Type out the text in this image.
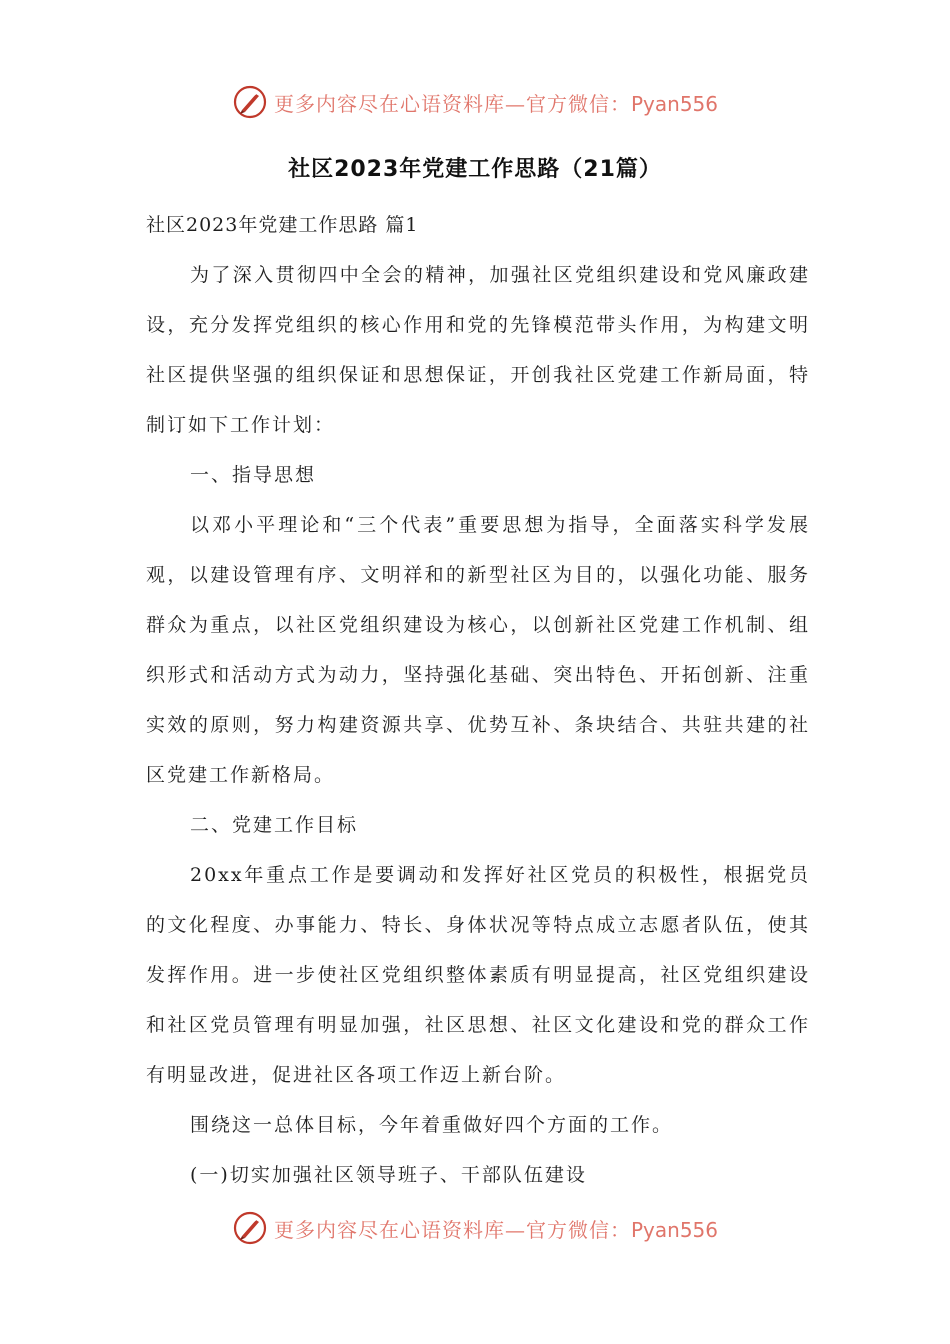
更多内容尽在心语资料库—官方微信：Pyan556
社区2023年党建工作思路（21篇）

社区2023年党建工作思路 篇1

为了深入贯彻四中全会的精神，加强社区党组织建设和党风廉政建设，充分发挥党组织的核心作用和党的先锋模范带头作用，为构建文明社区提供坚强的组织保证和思想保证，开创我社区党建工作新局面，特制订如下工作计划：

一、指导思想

以邓小平理论和“三个代表”重要思想为指导，全面落实科学发展观，以建设管理有序、文明祥和的新型社区为目的，以强化功能、服务群众为重点，以社区党组织建设为核心，以创新社区党建工作机制、组织形式和活动方式为动力，坚持强化基础、突出特色、开拓创新、注重实效的原则，努力构建资源共享、优势互补、条块结合、共驻共建的社区党建工作新格局。

二、党建工作目标

20xx年重点工作是要调动和发挥好社区党员的积极性，根据党员的文化程度、办事能力、特长、身体状况等特点成立志愿者队伍，使其发挥作用。进一步使社区党组织整体素质有明显提高，社区党组织建设和社区党员管理有明显加强，社区思想、社区文化建设和党的群众工作有明显改进，促进社区各项工作迈上新台阶。

围绕这一总体目标，今年着重做好四个方面的工作。

(一)切实加强社区领导班子、干部队伍建设

更多内容尽在心语资料库—官方微信：Pyan556
